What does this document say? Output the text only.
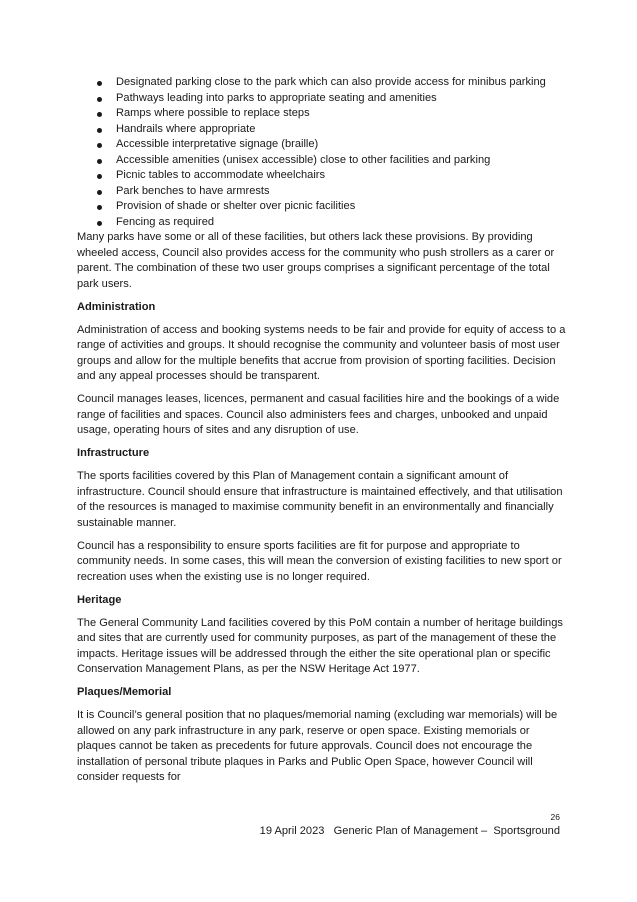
Designated parking close to the park which can also provide access for minibus parking
Pathways leading into parks to appropriate seating and amenities
Ramps where possible to replace steps
Handrails where appropriate
Accessible interpretative signage (braille)
Accessible amenities (unisex accessible) close to other facilities and parking
Picnic tables to accommodate wheelchairs
Park benches to have armrests
Provision of shade or shelter over picnic facilities
Fencing as required

Many parks have some or all of these facilities, but others lack these provisions. By providing wheeled access, Council also provides access for the community who push strollers as a carer or parent. The combination of these two user groups comprises a significant percentage of the total park users.

Administration

Administration of access and booking systems needs to be fair and provide for equity of access to a range of activities and groups. It should recognise the community and volunteer basis of most user groups and allow for the multiple benefits that accrue from provision of sporting facilities. Decision and any appeal processes should be transparent.

Council manages leases, licences, permanent and casual facilities hire and the bookings of a wide range of facilities and spaces. Council also administers fees and charges, unbooked and unpaid usage, operating hours of sites and any disruption of use.

Infrastructure

The sports facilities covered by this Plan of Management contain a significant amount of infrastructure. Council should ensure that infrastructure is maintained effectively, and that utilisation of the resources is managed to maximise community benefit in an environmentally and financially sustainable manner.

Council has a responsibility to ensure sports facilities are fit for purpose and appropriate to community needs. In some cases, this will mean the conversion of existing facilities to new sport or recreation uses when the existing use is no longer required.

Heritage

The General Community Land facilities covered by this PoM contain a number of heritage buildings and sites that are currently used for community purposes, as part of the management of these the impacts. Heritage issues will be addressed through the either the site operational plan or specific Conservation Management Plans, as per the NSW Heritage Act 1977.

Plaques/Memorial

It is Council’s general position that no plaques/memorial naming (excluding war memorials) will be allowed on any park infrastructure in any park, reserve or open space. Existing memorials or plaques cannot be taken as precedents for future approvals. Council does not encourage the installation of personal tribute plaques in Parks and Public Open Space, however Council will consider requests for

26
19 April 2023   Generic Plan of Management –  Sportsground
